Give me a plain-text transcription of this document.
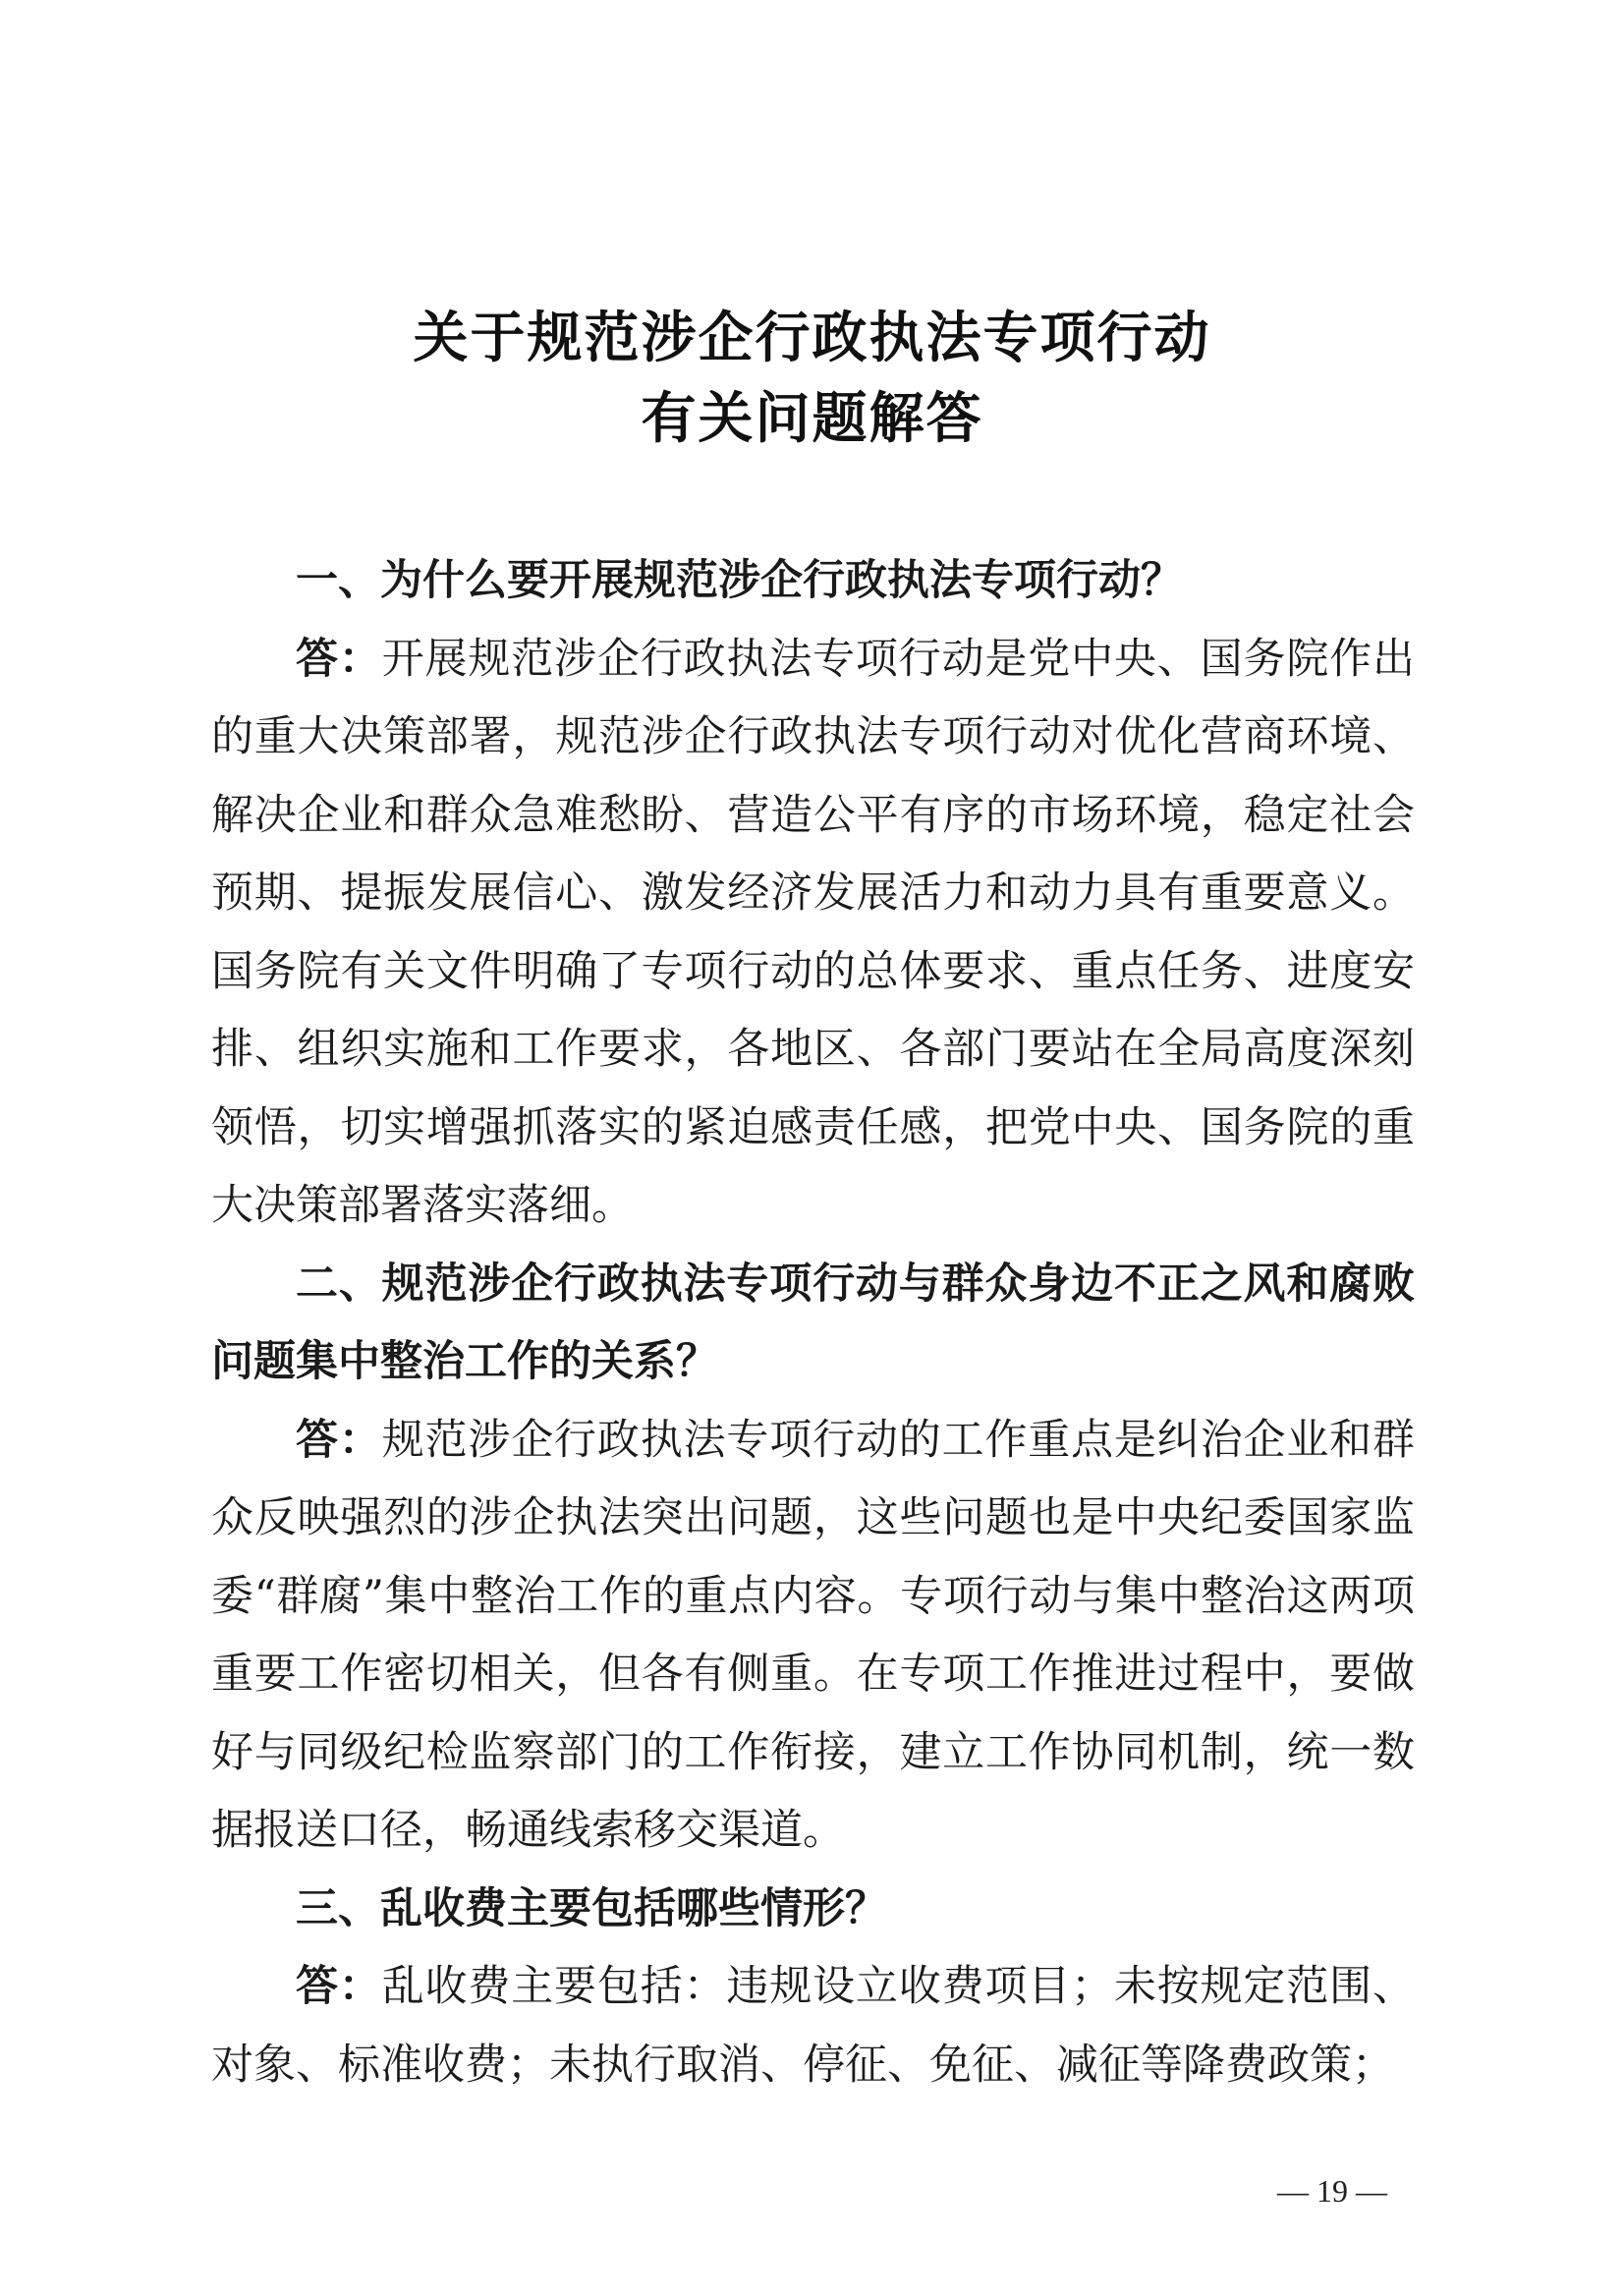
关于规范涉企行政执法专项行动
有关问题解答

一、为什么要开展规范涉企行政执法专项行动？

答：开展规范涉企行政执法专项行动是党中央、国务院作出的重大决策部署，规范涉企行政执法专项行动对优化营商环境、解决企业和群众急难愁盼、营造公平有序的市场环境，稳定社会预期、提振发展信心、激发经济发展活力和动力具有重要意义。国务院有关文件明确了专项行动的总体要求、重点任务、进度安排、组织实施和工作要求，各地区、各部门要站在全局高度深刻领悟，切实增强抓落实的紧迫感责任感，把党中央、国务院的重大决策部署落实落细。

二、规范涉企行政执法专项行动与群众身边不正之风和腐败问题集中整治工作的关系？

答：规范涉企行政执法专项行动的工作重点是纠治企业和群众反映强烈的涉企执法突出问题，这些问题也是中央纪委国家监委“群腐”集中整治工作的重点内容。专项行动与集中整治这两项重要工作密切相关，但各有侧重。在专项工作推进过程中，要做好与同级纪检监察部门的工作衔接，建立工作协同机制，统一数据报送口径，畅通线索移交渠道。

三、乱收费主要包括哪些情形？

答：乱收费主要包括：违规设立收费项目；未按规定范围、对象、标准收费；未执行取消、停征、免征、减征等降费政策；

— 19 —
